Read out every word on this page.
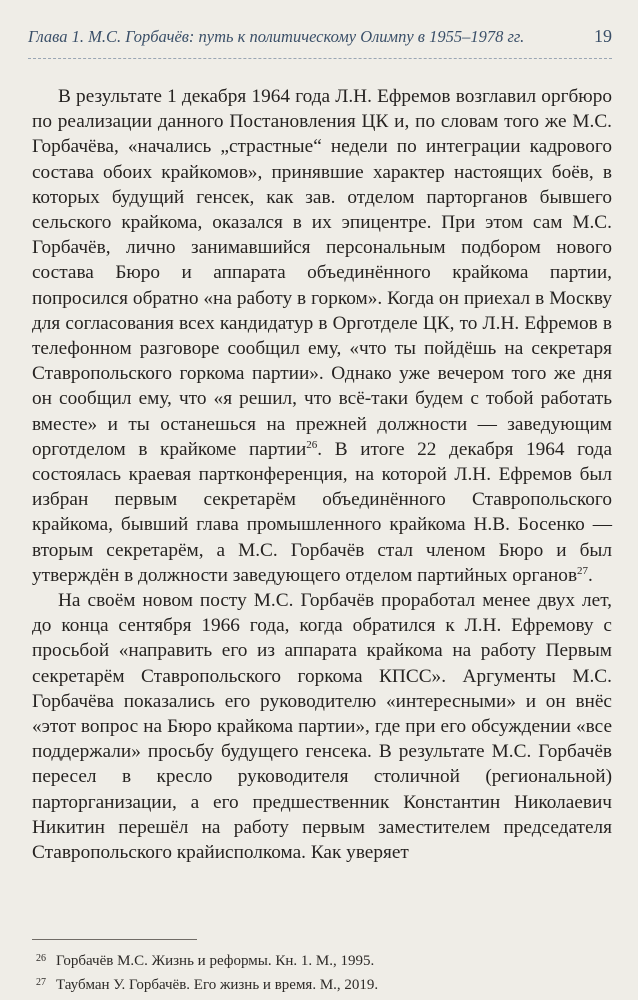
Глава 1. М.С. Горбачёв: путь к политическому Олимпу в 1955–1978 гг.	19

В результате 1 декабря 1964 года Л.Н. Ефремов возглавил оргбюро по реализации данного Постановления ЦК и, по словам того же М.С. Горбачёва, «начались „страстные“ недели по интеграции кадрового состава обоих крайкомов», принявшие характер настоящих боёв, в которых будущий генсек, как зав. отделом парторганов бывшего сельского крайкома, оказался в их эпицентре. При этом сам М.С. Горбачёв, лично занимавшийся персональным подбором нового состава Бюро и аппарата объединённого крайкома партии, попросился обратно «на работу в горком». Когда он приехал в Москву для согласования всех кандидатур в Орготделе ЦК, то Л.Н. Ефремов в телефонном разговоре сообщил ему, «что ты пойдёшь на секретаря Ставропольского горкома партии». Однако уже вечером того же дня он сообщил ему, что «я решил, что всё-таки будем с тобой работать вместе» и ты останешься на прежней должности — заведующим орготделом в крайкоме партии$^{26}$. В итоге 22 декабря 1964 года состоялась краевая партконференция, на которой Л.Н. Ефремов был избран первым секретарём объединённого Ставропольского крайкома, бывший глава промышленного крайкома Н.В. Босенко — вторым секретарём, а М.С. Горбачёв стал членом Бюро и был утверждён в должности заведующего отделом партийных органов$^{27}$.

На своём новом посту М.С. Горбачёв проработал менее двух лет, до конца сентября 1966 года, когда обратился к Л.Н. Ефремову с просьбой «направить его из аппарата крайкома на работу Первым секретарём Ставропольского горкома КПСС». Аргументы М.С. Горбачёва показались его руководителю «интересными» и он внёс «этот вопрос на Бюро крайкома партии», где при его обсуждении «все поддержали» просьбу будущего генсека. В результате М.С. Горбачёв пересел в кресло руководителя столичной (региональной) парторганизации, а его предшественник Константин Николаевич Никитин перешёл на работу первым заместителем председателя Ставропольского крайисполкома. Как уверяет

$^{26}$ Горбачёв М.С. Жизнь и реформы. Кн. 1. М., 1995.
$^{27}$ Таубман У. Горбачёв. Его жизнь и время. М., 2019.
